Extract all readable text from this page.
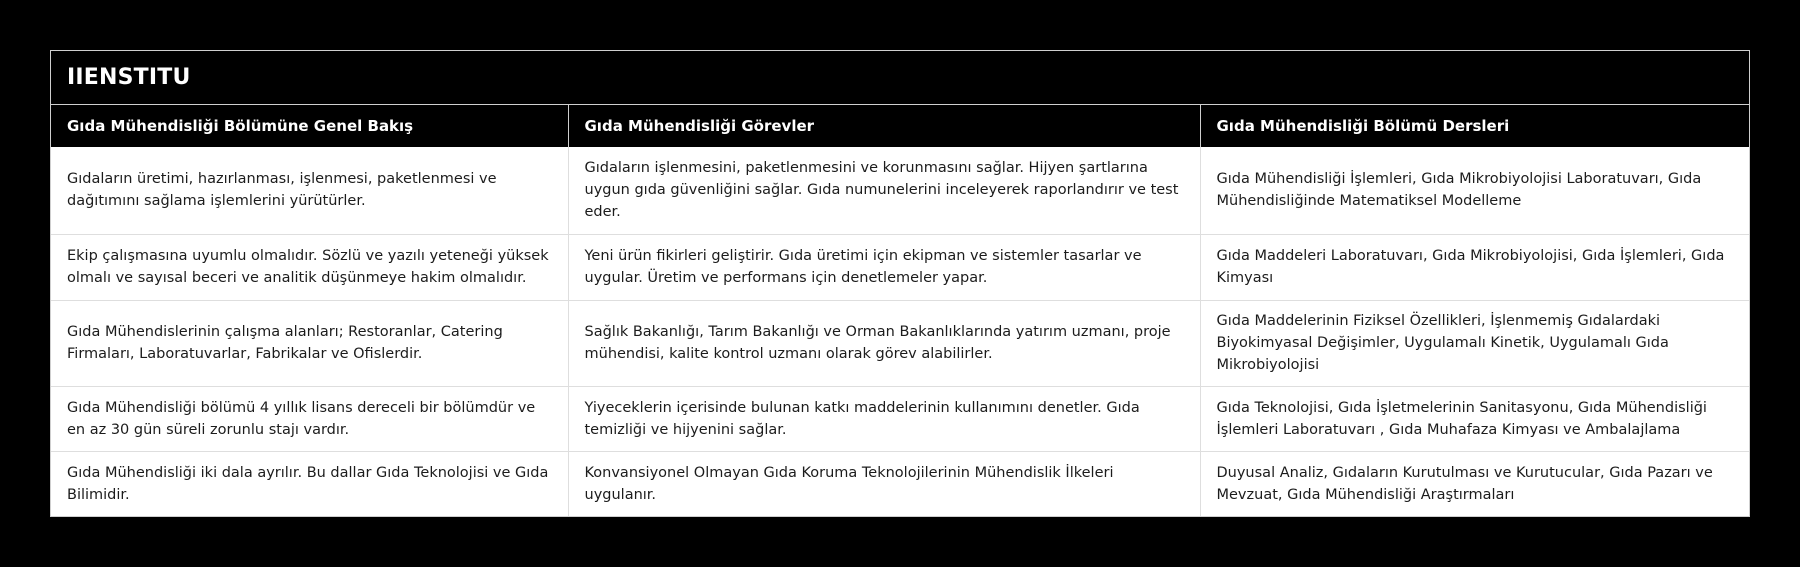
IIENSTITU
Gıda Mühendisliği Bölümüne Genel Bakış	Gıda Mühendisliği Görevler	Gıda Mühendisliği Bölümü Dersleri
Gıdaların üretimi, hazırlanması, işlenmesi, paketlenmesi ve dağıtımını sağlama işlemlerini yürütürler.	Gıdaların işlenmesini, paketlenmesini ve korunmasını sağlar. Hijyen şartlarına uygun gıda güvenliğini sağlar. Gıda numunelerini inceleyerek raporlandırır ve test eder.	Gıda Mühendisliği İşlemleri, Gıda Mikrobiyolojisi Laboratuvarı, Gıda Mühendisliğinde Matematiksel Modelleme
Ekip çalışmasına uyumlu olmalıdır. Sözlü ve yazılı yeteneği yüksek olmalı ve sayısal beceri ve analitik düşünmeye hakim olmalıdır.	Yeni ürün fikirleri geliştirir. Gıda üretimi için ekipman ve sistemler tasarlar ve uygular. Üretim ve performans için denetlemeler yapar.	Gıda Maddeleri Laboratuvarı, Gıda Mikrobiyolojisi, Gıda İşlemleri, Gıda Kimyası
Gıda Mühendislerinin çalışma alanları; Restoranlar, Catering Firmaları, Laboratuvarlar, Fabrikalar ve Ofislerdir.	Sağlık Bakanlığı, Tarım Bakanlığı ve Orman Bakanlıklarında yatırım uzmanı, proje mühendisi, kalite kontrol uzmanı olarak görev alabilirler.	Gıda Maddelerinin Fiziksel Özellikleri, İşlenmemiş Gıdalardaki Biyokimyasal Değişimler, Uygulamalı Kinetik, Uygulamalı Gıda Mikrobiyolojisi
Gıda Mühendisliği bölümü 4 yıllık lisans dereceli bir bölümdür ve en az 30 gün süreli zorunlu stajı vardır.	Yiyeceklerin içerisinde bulunan katkı maddelerinin kullanımını denetler. Gıda temizliği ve hijyenini sağlar.	Gıda Teknolojisi, Gıda İşletmelerinin Sanitasyonu, Gıda Mühendisliği İşlemleri Laboratuvarı , Gıda Muhafaza Kimyası ve Ambalajlama
Gıda Mühendisliği iki dala ayrılır. Bu dallar Gıda Teknolojisi ve Gıda Bilimidir.	Konvansiyonel Olmayan Gıda Koruma Teknolojilerinin Mühendislik İlkeleri uygulanır.	Duyusal Analiz, Gıdaların Kurutulması ve Kurutucular, Gıda Pazarı ve Mevzuat, Gıda Mühendisliği Araştırmaları
